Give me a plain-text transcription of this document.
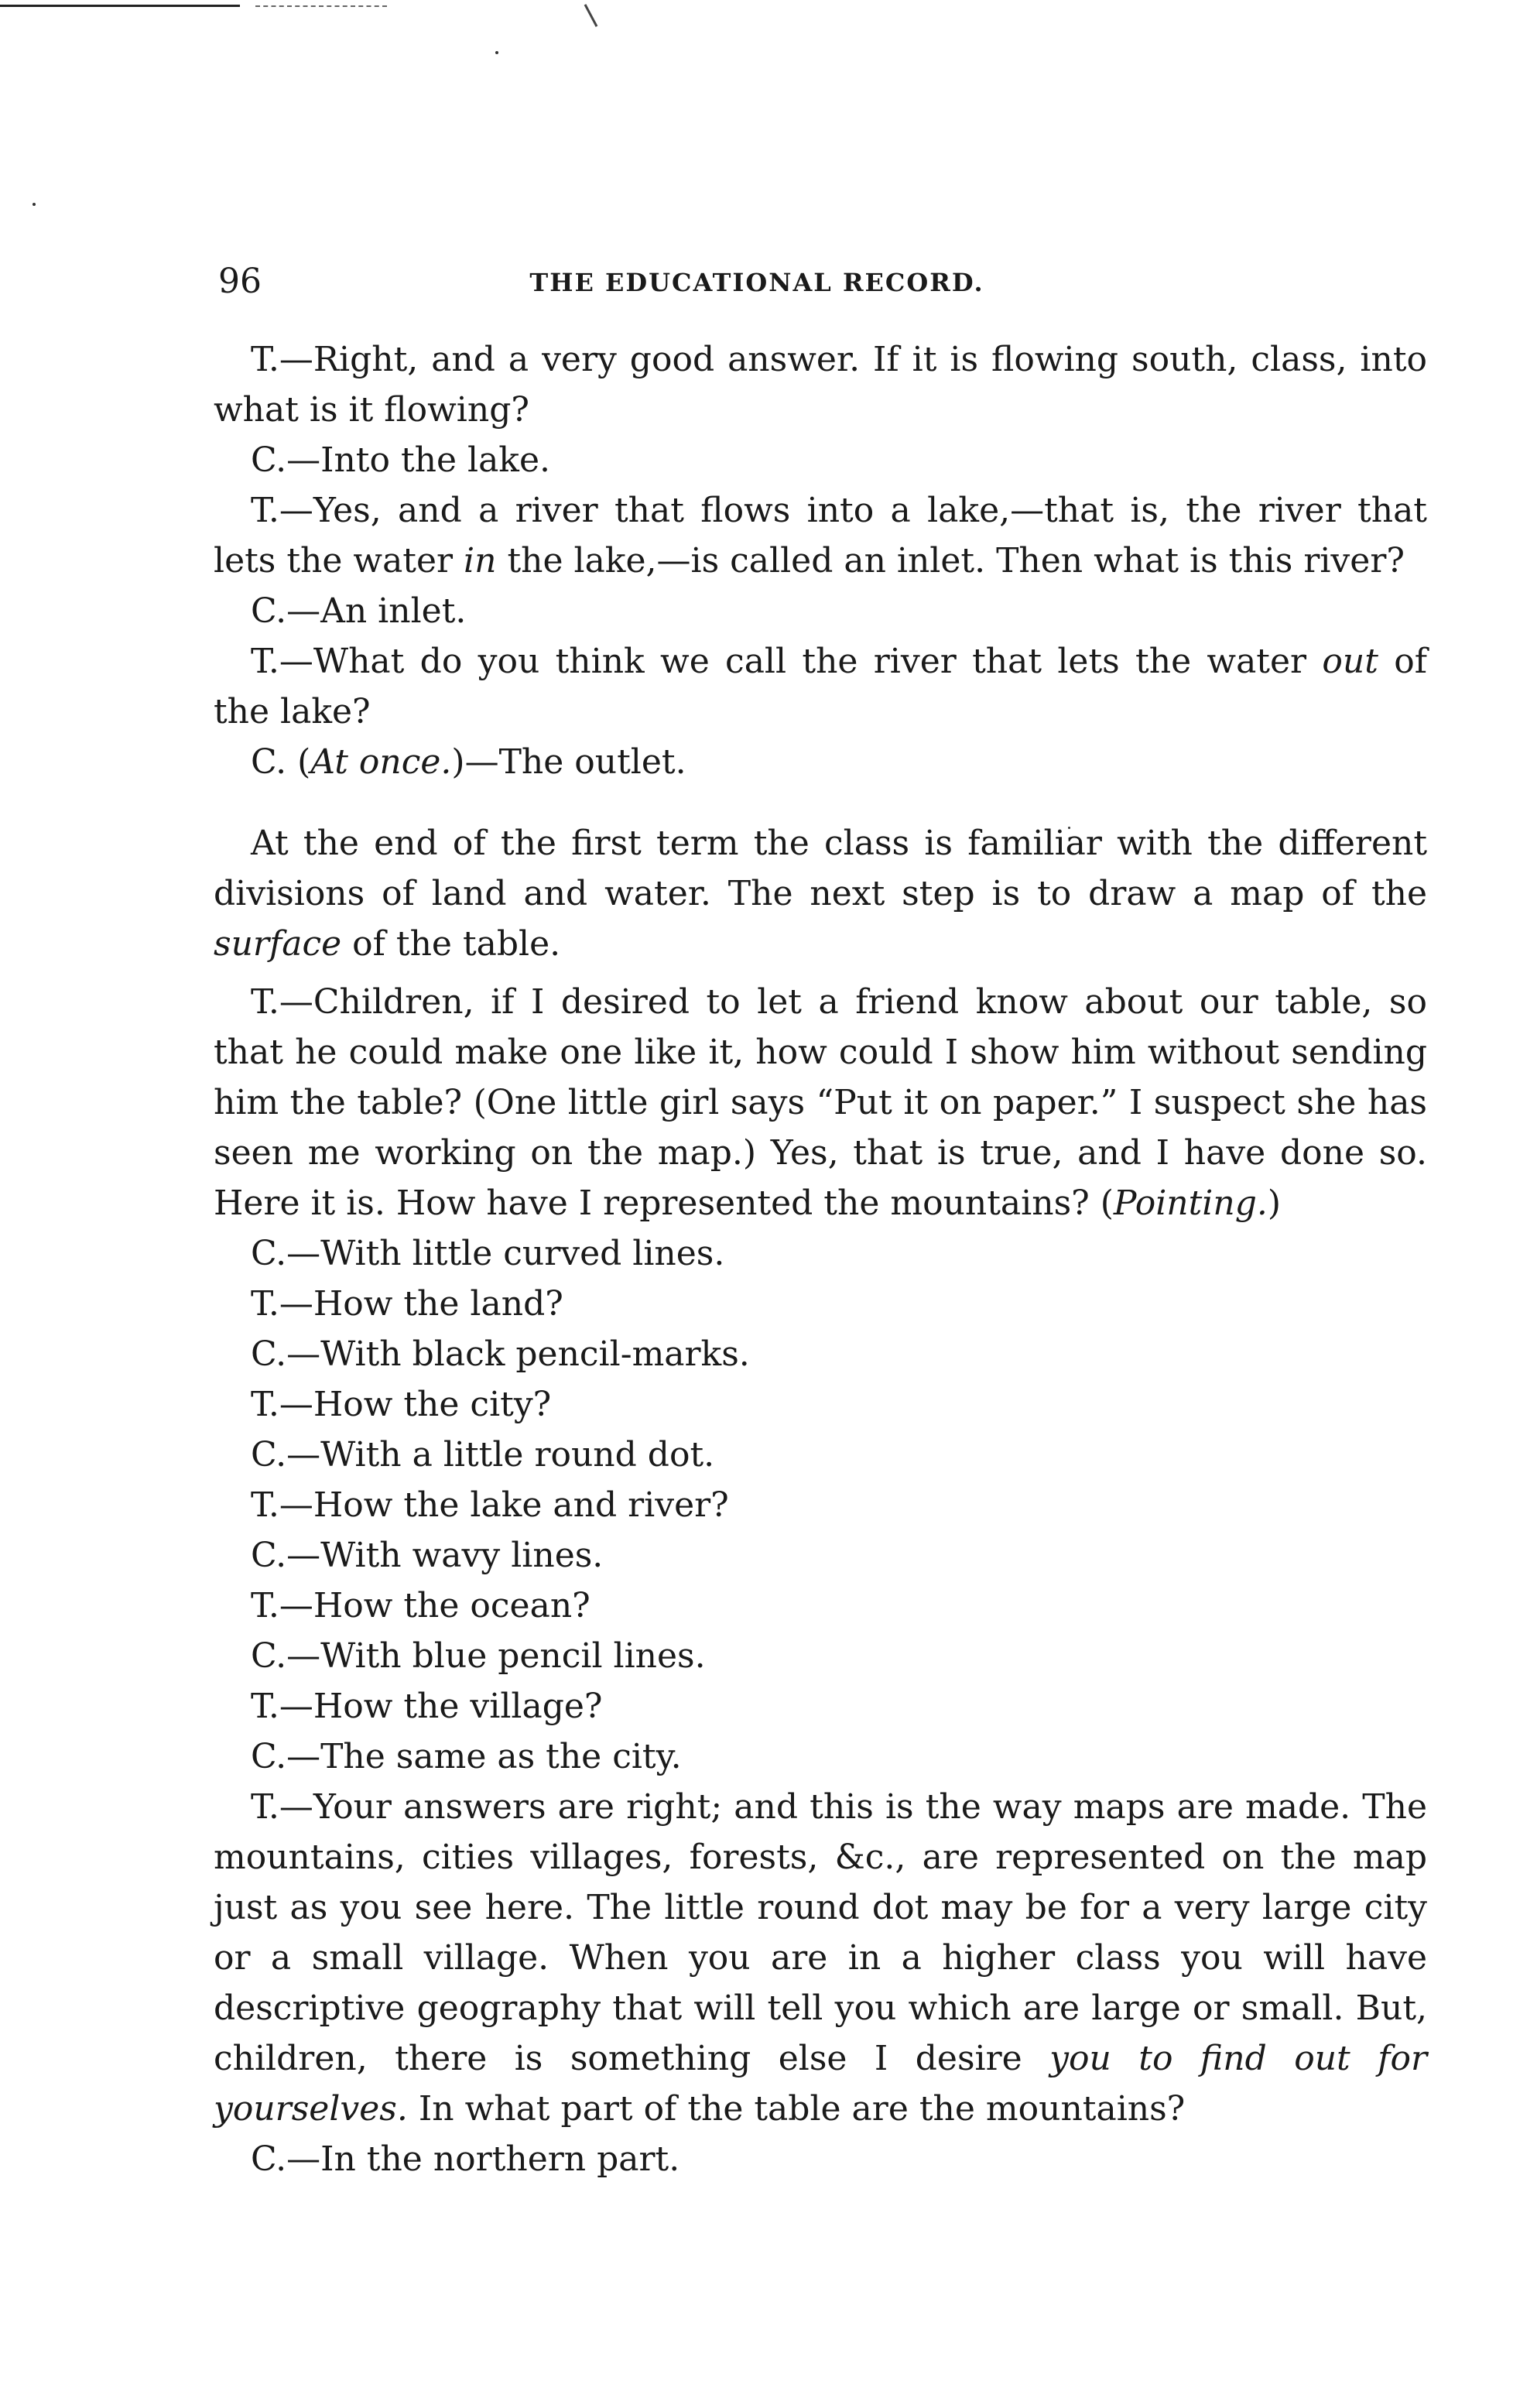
96	THE EDUCATIONAL RECORD.

T.—Right, and a very good answer. If it is flowing south, class, into what is it flowing?

C.—Into the lake.

T.—Yes, and a river that flows into a lake,—that is, the river that lets the water in the lake,—is called an inlet. Then what is this river?

C.—An inlet.

T.—What do you think we call the river that lets the water out of the lake?

C. (At once.)—The outlet.

At the end of the first term the class is familiar with the different divisions of land and water. The next step is to draw a map of the surface of the table.

T.—Children, if I desired to let a friend know about our table, so that he could make one like it, how could I show him without sending him the table? (One little girl says “Put it on paper.” I suspect she has seen me working on the map.) Yes, that is true, and I have done so. Here it is. How have I represented the mountains? (Pointing.)

C.—With little curved lines.

T.—How the land?

C.—With black pencil-marks.

T.—How the city?

C.—With a little round dot.

T.—How the lake and river?

C.—With wavy lines.

T.—How the ocean?

C.—With blue pencil lines.

T.—How the village?

C.—The same as the city.

T.—Your answers are right; and this is the way maps are made. The mountains, cities villages, forests, &c., are represented on the map just as you see here. The little round dot may be for a very large city or a small village. When you are in a higher class you will have descriptive geography that will tell you which are large or small. But, children, there is something else I desire you to find out for yourselves. In what part of the table are the mountains?

C.—In the northern part.
